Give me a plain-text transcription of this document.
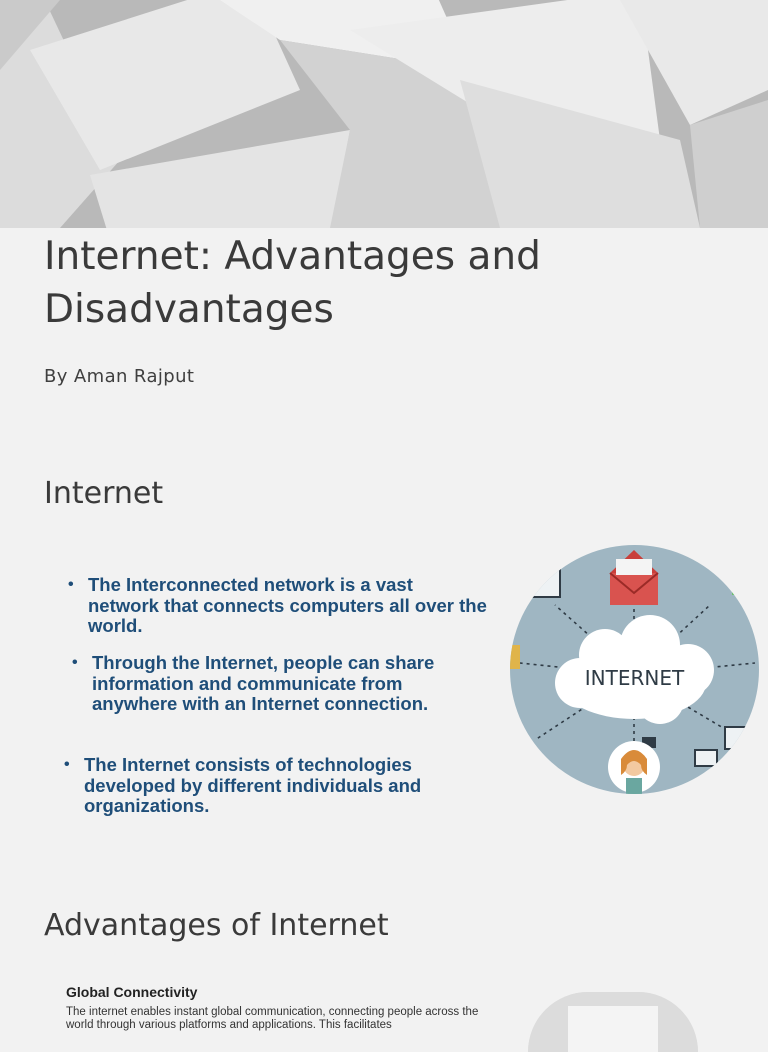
Internet: Advantages and Disadvantages
By Aman Rajput
Internet
• The Interconnected network is a vast network that connects computers all over the world.
• Through the Internet, people can share information and communicate from anywhere with an Internet connection.
• The Internet consists of technologies developed by different individuals and organizations.
INTERNET
Advantages of Internet
Global Connectivity
The internet enables instant global communication, connecting people across the world through various platforms and applications. This facilitates
